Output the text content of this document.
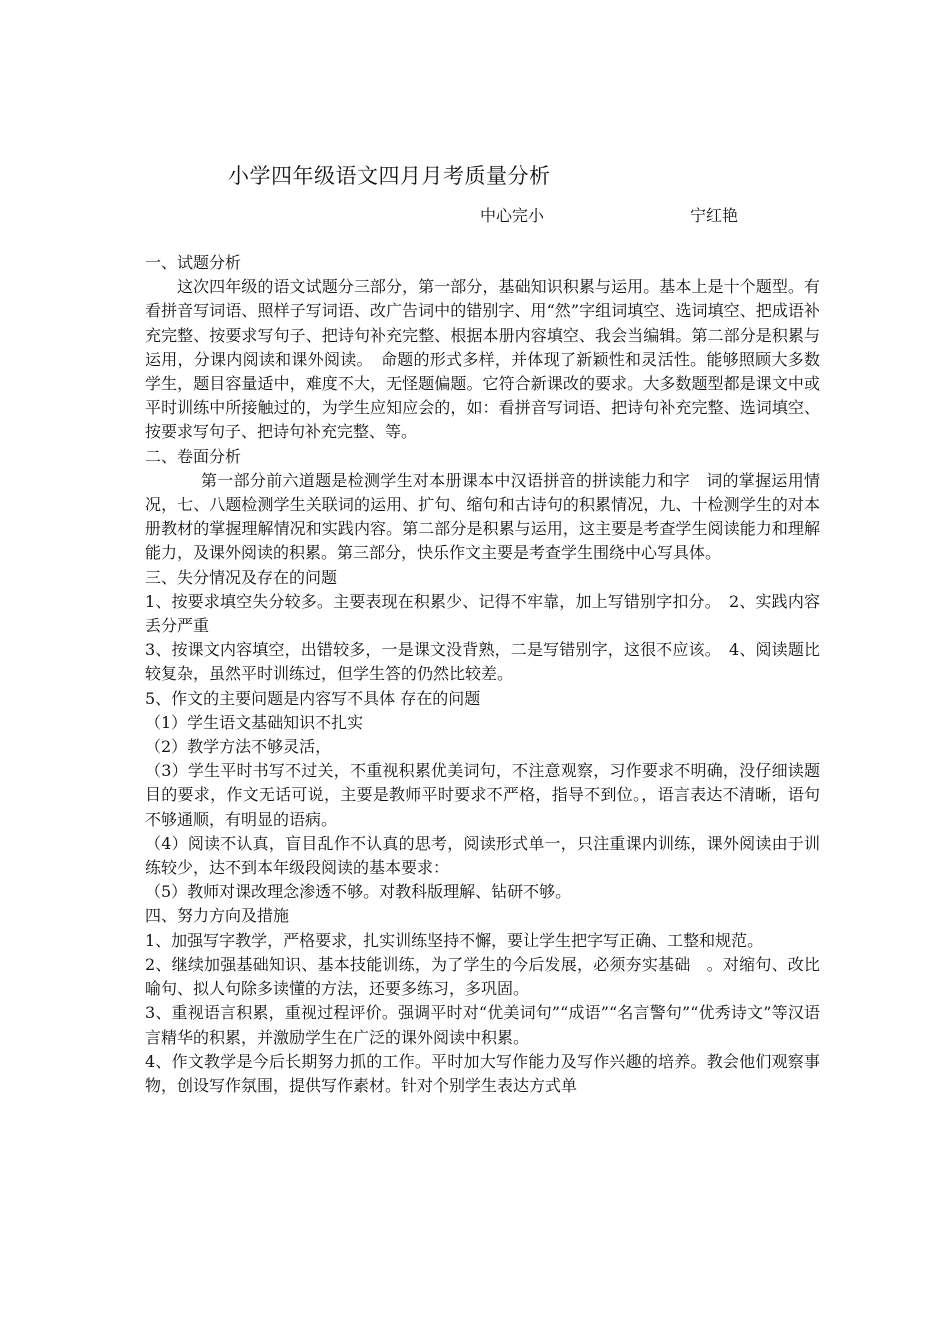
小学四年级语文四月月考质量分析
中心完小	宁红艳

一、试题分析

这次四年级的语文试题分三部分，第一部分，基础知识积累与运用。基本上是十个题型。有看拼音写词语、照样子写词语、改广告词中的错别字、用“然”字组词填空、选词填空、把成语补充完整、按要求写句子、把诗句补充完整、根据本册内容填空、我会当编辑。第二部分是积累与运用，分课内阅读和课外阅读。　命题的形式多样，并体现了新颖性和灵活性。能够照顾大多数学生，题目容量适中，难度不大，无怪题偏题。它符合新课改的要求。大多数题型都是课文中或平时训练中所接触过的，为学生应知应会的，如：看拼音写词语、把诗句补充完整、选词填空、按要求写句子、把诗句补充完整、等。

二、卷面分析

第一部分前六道题是检测学生对本册课本中汉语拼音的拼读能力和字　词的掌握运用情况，七、八题检测学生关联词的运用、扩句、缩句和古诗句的积累情况，九、十检测学生的对本册教材的掌握理解情况和实践内容。第二部分是积累与运用，这主要是考查学生阅读能力和理解能力，及课外阅读的积累。第三部分，快乐作文主要是考查学生围绕中心写具体。

三、失分情况及存在的问题

1、按要求填空失分较多。主要表现在积累少、记得不牢靠，加上写错别字扣分。　2、实践内容丢分严重

3、按课文内容填空，出错较多，一是课文没背熟，二是写错别字，这很不应该。　4、阅读题比较复杂，虽然平时训练过，但学生答的仍然比较差。

5、作文的主要问题是内容写不具体 存在的问题

（1）学生语文基础知识不扎实

（2）教学方法不够灵活，

（3）学生平时书写不过关，不重视积累优美词句，不注意观察，习作要求不明确，没仔细读题目的要求，作文无话可说，主要是教师平时要求不严格，指导不到位。，语言表达不清晰，语句不够通顺，有明显的语病。

（4）阅读不认真，盲目乱作不认真的思考，阅读形式单一，只注重课内训练，课外阅读由于训练较少，达不到本年级段阅读的基本要求：

（5）教师对课改理念渗透不够。对教科版理解、钻研不够。

四、努力方向及措施

1、加强写字教学，严格要求，扎实训练坚持不懈，要让学生把字写正确、工整和规范。

2、继续加强基础知识、基本技能训练，为了学生的今后发展，必须夯实基础　。对缩句、改比喻句、拟人句除多读懂的方法，还要多练习，多巩固。

3、重视语言积累，重视过程评价。强调平时对“优美词句”“成语”“名言警句”“优秀诗文”等汉语言精华的积累，并激励学生在广泛的课外阅读中积累。

4、作文教学是今后长期努力抓的工作。平时加大写作能力及写作兴趣的培养。教会他们观察事物，创设写作氛围，提供写作素材。针对个别学生表达方式单
